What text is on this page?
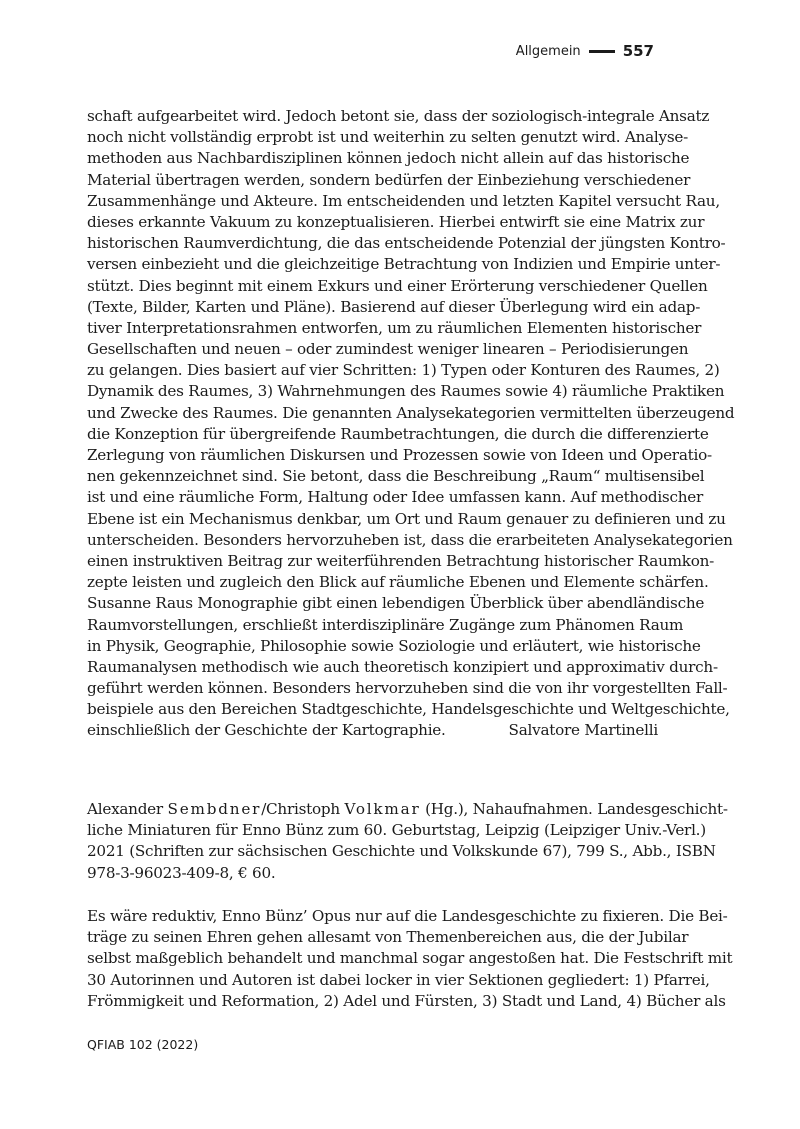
Allgemein	557
schaft aufgearbeitet wird. Jedoch betont sie, dass der soziologisch-integrale Ansatz
noch nicht vollständig erprobt ist und weiterhin zu selten genutzt wird. Analyse-
methoden aus Nachbardisziplinen können jedoch nicht allein auf das historische
Material übertragen werden, sondern bedürfen der Einbeziehung verschiedener
Zusammenhänge und Akteure. Im entscheidenden und letzten Kapitel versucht Rau,
dieses erkannte Vakuum zu konzeptualisieren. Hierbei entwirft sie eine Matrix zur
historischen Raumverdichtung, die das entscheidende Potenzial der jüngsten Kontro-
versen einbezieht und die gleichzeitige Betrachtung von Indizien und Empirie unter-
stützt. Dies beginnt mit einem Exkurs und einer Erörterung verschiedener Quellen
(Texte, Bilder, Karten und Pläne). Basierend auf dieser Überlegung wird ein adap-
tiver Interpretationsrahmen entworfen, um zu räumlichen Elementen historischer
Gesellschaften und neuen – oder zumindest weniger linearen – Periodisierungen
zu gelangen. Dies basiert auf vier Schritten: 1) Typen oder Konturen des Raumes, 2)
Dynamik des Raumes, 3) Wahrnehmungen des Raumes sowie 4) räumliche Praktiken
und Zwecke des Raumes. Die genannten Analysekategorien vermittelten überzeugend
die Konzeption für übergreifende Raumbetrachtungen, die durch die differenzierte
Zerlegung von räumlichen Diskursen und Prozessen sowie von Ideen und Operatio-
nen gekennzeichnet sind. Sie betont, dass die Beschreibung „Raum“ multisensibel
ist und eine räumliche Form, Haltung oder Idee umfassen kann. Auf methodischer
Ebene ist ein Mechanismus denkbar, um Ort und Raum genauer zu definieren und zu
unterscheiden. Besonders hervorzuheben ist, dass die erarbeiteten Analysekategorien
einen instruktiven Beitrag zur weiterführenden Betrachtung historischer Raumkon-
zepte leisten und zugleich den Blick auf räumliche Ebenen und Elemente schärfen.
Susanne Raus Monographie gibt einen lebendigen Überblick über abendländische
Raumvorstellungen, erschließt interdisziplinäre Zugänge zum Phänomen Raum
in Physik, Geographie, Philosophie sowie Soziologie und erläutert, wie historische
Raumanalysen methodisch wie auch theoretisch konzipiert und approximativ durch-
geführt werden können. Besonders hervorzuheben sind die von ihr vorgestellten Fall-
beispiele aus den Bereichen Stadtgeschichte, Handelsgeschichte und Weltgeschichte,
einschließlich der Geschichte der Kartographie.	Salvatore Martinelli
Alexander Sembdner/Christoph Volkmar (Hg.), Nahaufnahmen. Landesgeschicht-
liche Miniaturen für Enno Bünz zum 60. Geburtstag, Leipzig (Leipziger Univ.-Verl.)
2021 (Schriften zur sächsischen Geschichte und Volkskunde 67), 799 S., Abb., ISBN
978-3-96023-409-8, € 60.
Es wäre reduktiv, Enno Bünz’ Opus nur auf die Landesgeschichte zu fixieren. Die Bei-
träge zu seinen Ehren gehen allesamt von Themenbereichen aus, die der Jubilar
selbst maßgeblich behandelt und manchmal sogar angestoßen hat. Die Festschrift mit
30 Autorinnen und Autoren ist dabei locker in vier Sektionen gegliedert: 1) Pfarrei,
Frömmigkeit und Reformation, 2) Adel und Fürsten, 3) Stadt und Land, 4) Bücher als
QFIAB 102 (2022)
